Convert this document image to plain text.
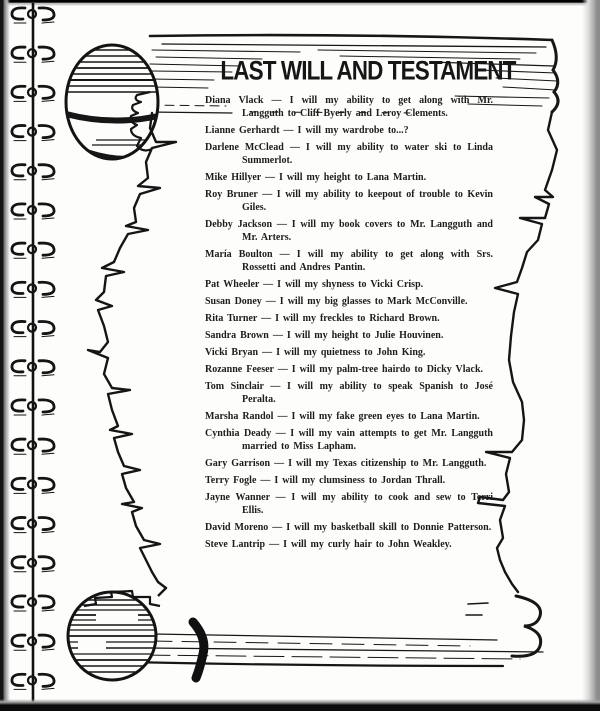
LAST WILL AND TESTAMENT

Diana Vlack — I will my ability to get along with Mr. Langguth to Cliff Byerly and Leroy Clements.

Lianne Gerhardt — I will my wardrobe to...?

Darlene McClead — I will my ability to water ski to Linda Summerlot.

Mike Hillyer — I will my height to Lana Martin.

Roy Bruner — I will my ability to keepout of trouble to Kevin Giles.

Debby Jackson — I will my book covers to Mr. Langguth and Mr. Arters.

María Boulton — I will my ability to get along with Srs. Rossetti and Andres Pantin.

Pat Wheeler — I will my shyness to Vicki Crisp.

Susan Doney — I will my big glasses to Mark McConville.

Rita Turner — I will my freckles to Richard Brown.

Sandra Brown — I will my height to Julie Houvinen.

Vicki Bryan — I will my quietness to John King.

Rozanne Feeser — I will my palm-tree hairdo to Dicky Vlack.

Tom Sinclair — I will my ability to speak Spanish to José Peralta.

Marsha Randol — I will my fake green eyes to Lana Martin.

Cynthia Deady — I will my vain attempts to get Mr. Langguth married to Miss Lapham.

Gary Garrison — I will my Texas citizenship to Mr. Langguth.

Terry Fogle — I will my clumsiness to Jordan Thrall.

Jayne Wanner — I will my ability to cook and sew to Terri Ellis.

David Moreno — I will my basketball skill to Donnie Patterson.

Steve Lantrip — I will my curly hair to John Weakley.
